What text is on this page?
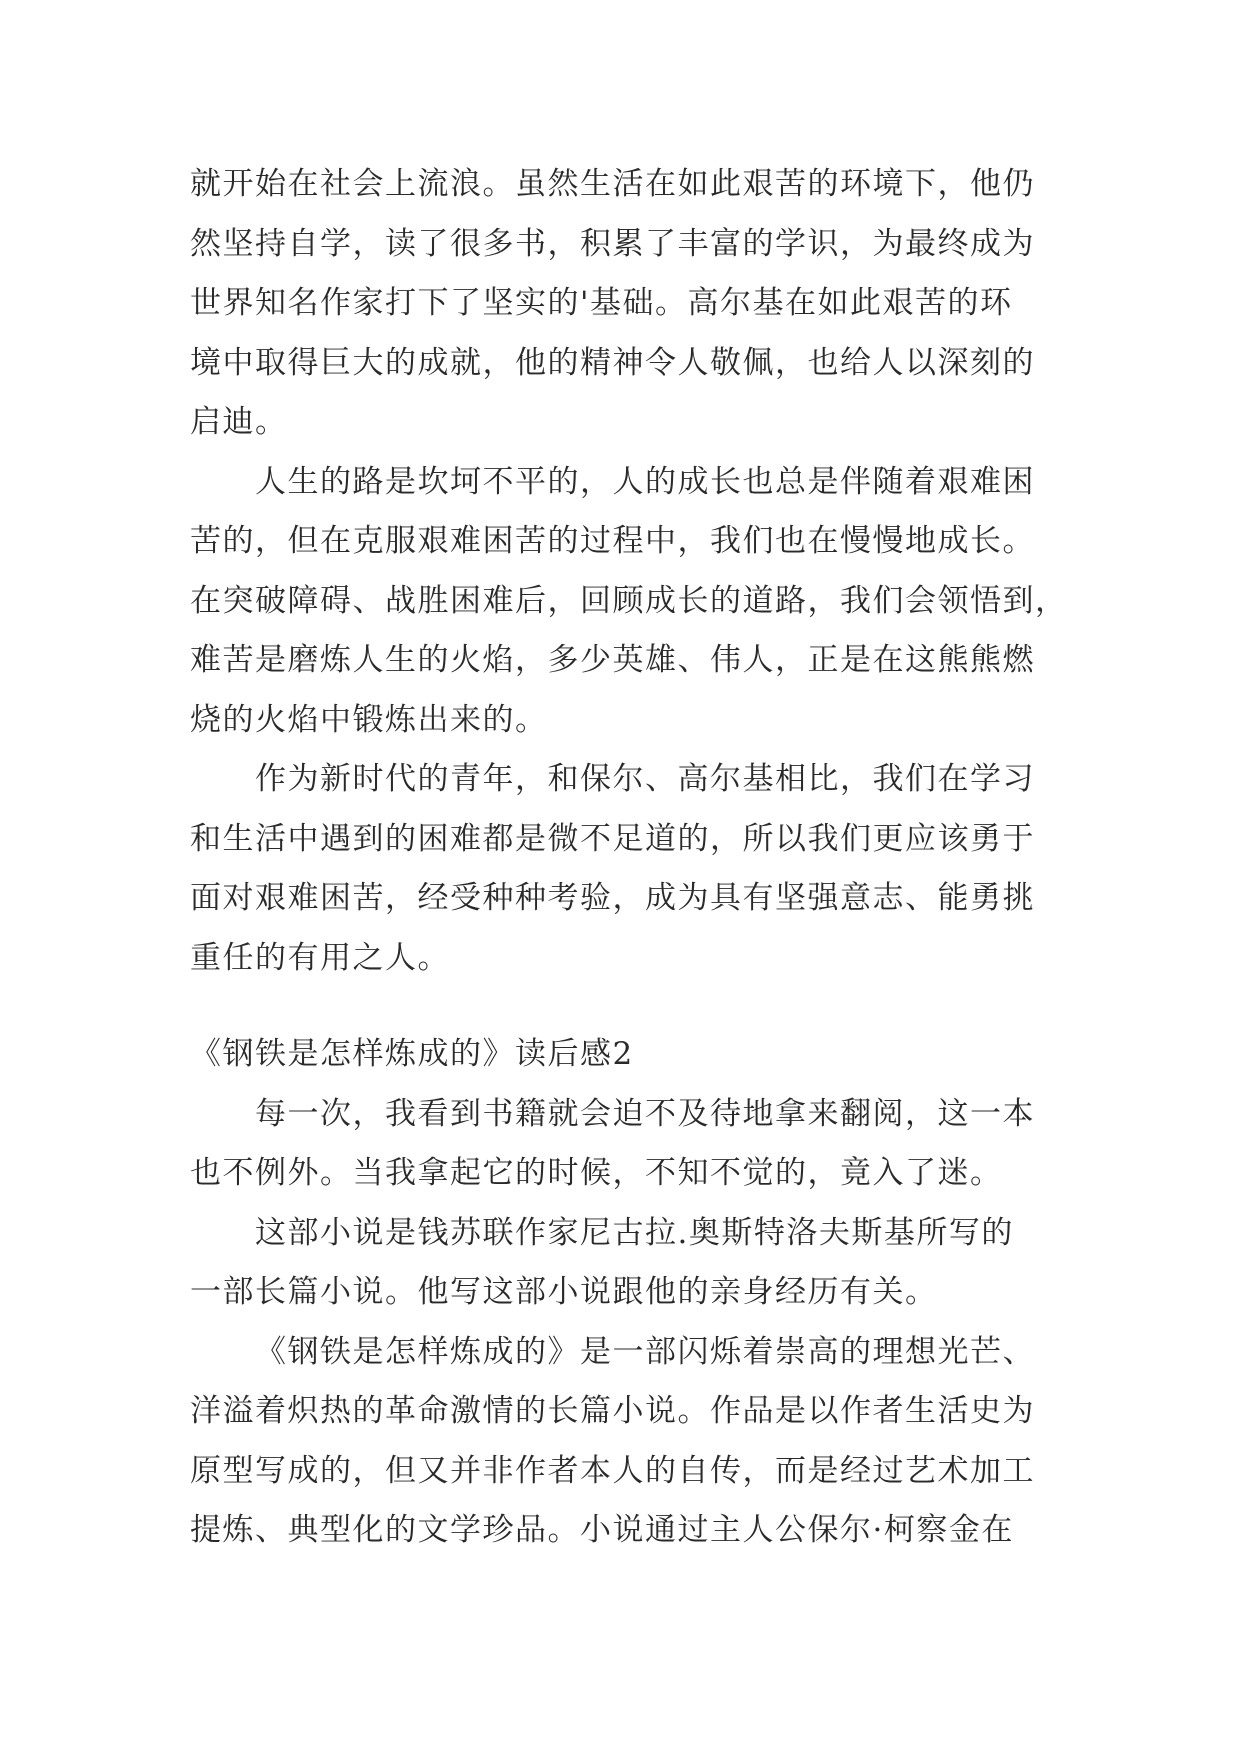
就开始在社会上流浪。虽然生活在如此艰苦的环境下，他仍
然坚持自学，读了很多书，积累了丰富的学识，为最终成为
世界知名作家打下了坚实的'基础。高尔基在如此艰苦的环
境中取得巨大的成就，他的精神令人敬佩，也给人以深刻的
启迪。
人生的路是坎坷不平的，人的成长也总是伴随着艰难困
苦的，但在克服艰难困苦的过程中，我们也在慢慢地成长。
在突破障碍、战胜困难后，回顾成长的道路，我们会领悟到，
难苦是磨炼人生的火焰，多少英雄、伟人，正是在这熊熊燃
烧的火焰中锻炼出来的。
作为新时代的青年，和保尔、高尔基相比，我们在学习
和生活中遇到的困难都是微不足道的，所以我们更应该勇于
面对艰难困苦，经受种种考验，成为具有坚强意志、能勇挑
重任的有用之人。
《钢铁是怎样炼成的》读后感2
每一次，我看到书籍就会迫不及待地拿来翻阅，这一本
也不例外。当我拿起它的时候，不知不觉的，竟入了迷。
这部小说是钱苏联作家尼古拉.奥斯特洛夫斯基所写的
一部长篇小说。他写这部小说跟他的亲身经历有关。
《钢铁是怎样炼成的》是一部闪烁着崇高的理想光芒、
洋溢着炽热的革命激情的长篇小说。作品是以作者生活史为
原型写成的，但又并非作者本人的自传，而是经过艺术加工
提炼、典型化的文学珍品。小说通过主人公保尔·柯察金在
